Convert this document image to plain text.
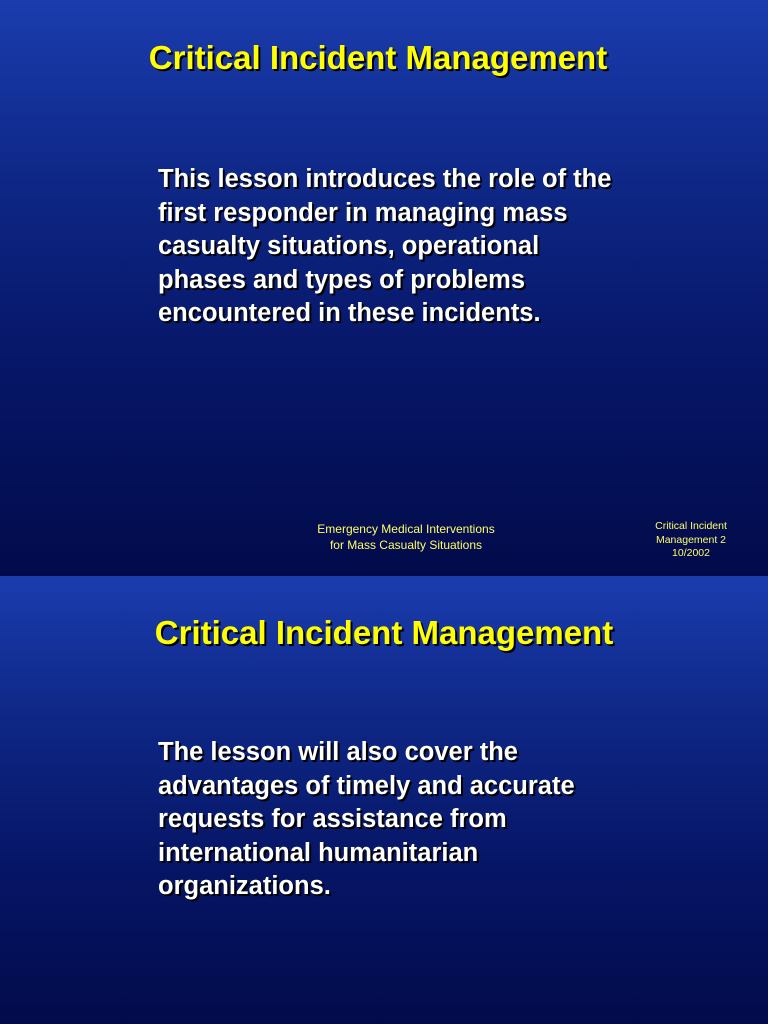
Critical Incident Management
This lesson introduces the role of the
first responder in managing mass
casualty situations, operational
phases and types of problems
encountered in these incidents.
Emergency Medical Interventions
for Mass Casualty Situations
Critical Incident
Management 2
10/2002
Critical Incident Management
The lesson will also cover the
advantages of timely and accurate
requests for assistance from
international humanitarian
organizations.
